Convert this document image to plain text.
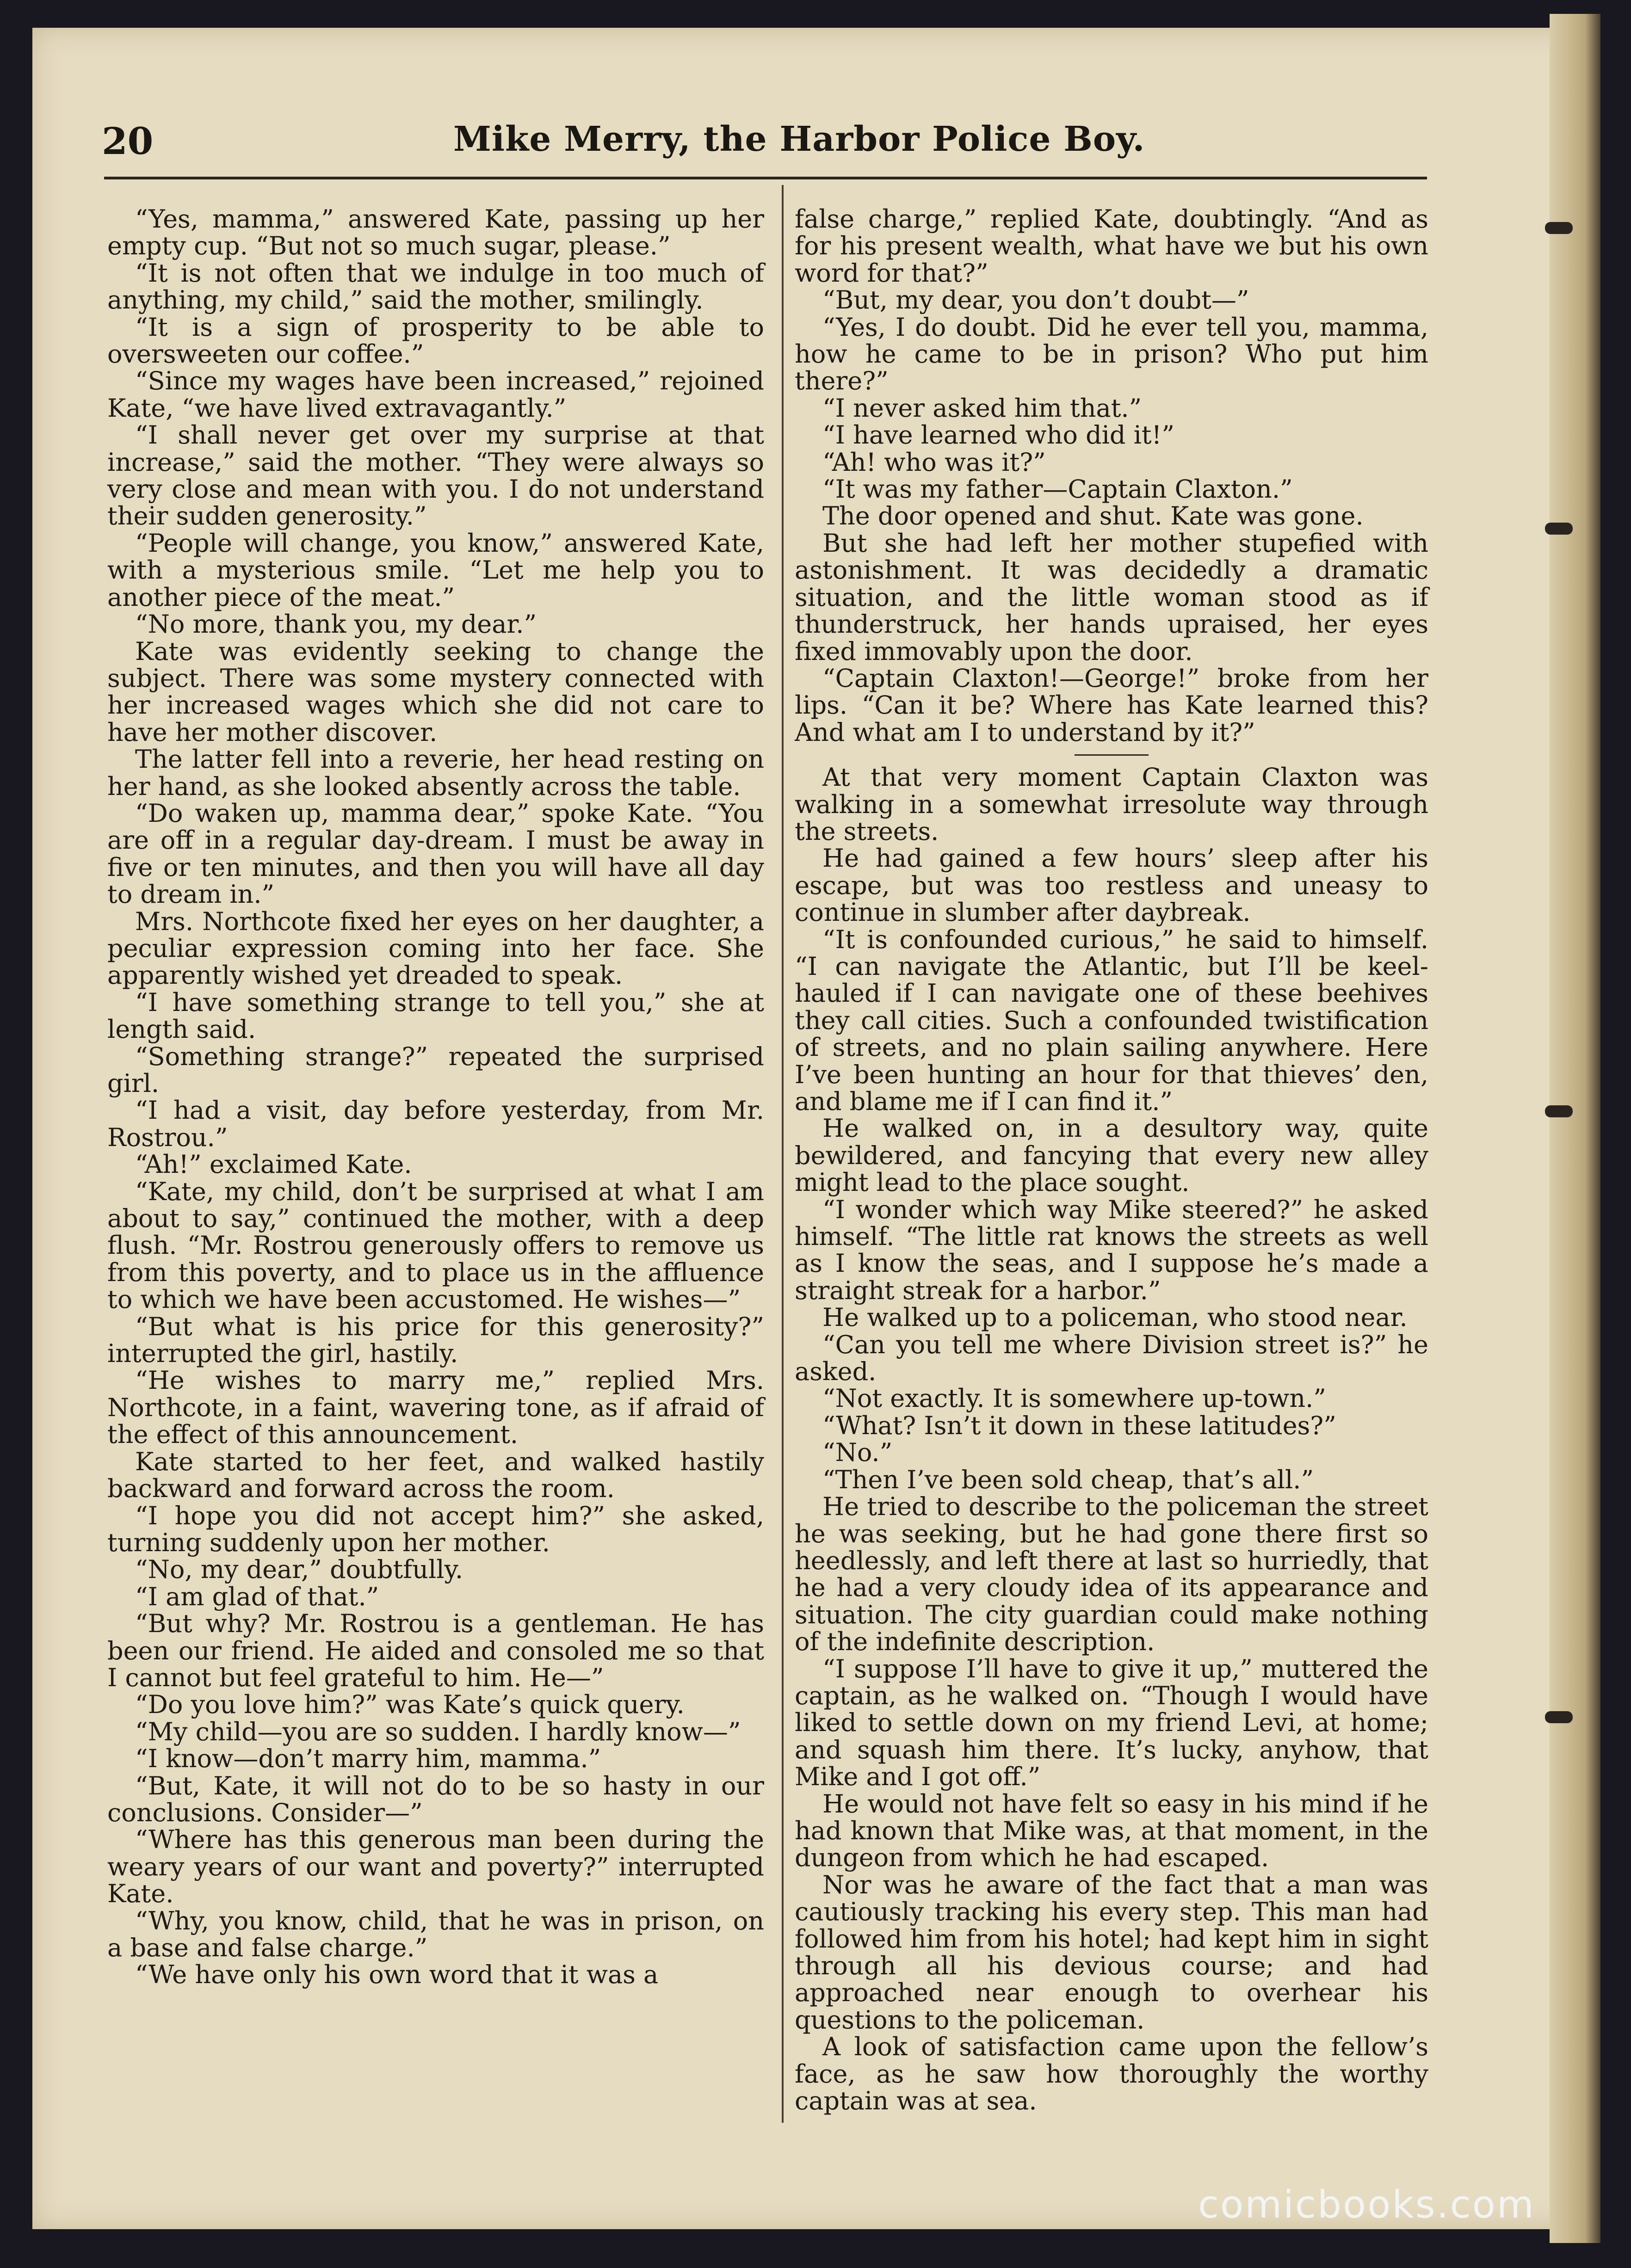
20	Mike Merry, the Harbor Police Boy.

“Yes, mamma,” answered Kate, passing up her empty cup. “But not so much sugar, please.”

“It is not often that we indulge in too much of anything, my child,” said the mother, smilingly.

“It is a sign of prosperity to be able to oversweeten our coffee.”

“Since my wages have been increased,” rejoined Kate, “we have lived extravagantly.”

“I shall never get over my surprise at that increase,” said the mother. “They were always so very close and mean with you. I do not understand their sudden generosity.”

“People will change, you know,” answered Kate, with a mysterious smile. “Let me help you to another piece of the meat.”

“No more, thank you, my dear.”

Kate was evidently seeking to change the subject. There was some mystery connected with her increased wages which she did not care to have her mother discover.

The latter fell into a reverie, her head resting on her hand, as she looked absently across the table.

“Do waken up, mamma dear,” spoke Kate. “You are off in a regular day-dream. I must be away in five or ten minutes, and then you will have all day to dream in.”

Mrs. Northcote fixed her eyes on her daughter, a peculiar expression coming into her face. She apparently wished yet dreaded to speak.

“I have something strange to tell you,” she at length said.

“Something strange?” repeated the surprised girl.

“I had a visit, day before yesterday, from Mr. Rostrou.”

“Ah!” exclaimed Kate.

“Kate, my child, don’t be surprised at what I am about to say,” continued the mother, with a deep flush. “Mr. Rostrou generously offers to remove us from this poverty, and to place us in the affluence to which we have been accustomed. He wishes—”

“But what is his price for this generosity?” interrupted the girl, hastily.

“He wishes to marry me,” replied Mrs. Northcote, in a faint, wavering tone, as if afraid of the effect of this announcement.

Kate started to her feet, and walked hastily backward and forward across the room.

“I hope you did not accept him?” she asked, turning suddenly upon her mother.

“No, my dear,” doubtfully.

“I am glad of that.”

“But why? Mr. Rostrou is a gentleman. He has been our friend. He aided and consoled me so that I cannot but feel grateful to him. He—”

“Do you love him?” was Kate’s quick query.

“My child—you are so sudden. I hardly know—”

“I know—don’t marry him, mamma.”

“But, Kate, it will not do to be so hasty in our conclusions. Consider—”

“Where has this generous man been during the weary years of our want and poverty?” interrupted Kate.

“Why, you know, child, that he was in prison, on a base and false charge.”

“We have only his own word that it was a

false charge,” replied Kate, doubtingly. “And as for his present wealth, what have we but his own word for that?”

“But, my dear, you don’t doubt—”

“Yes, I do doubt. Did he ever tell you, mamma, how he came to be in prison? Who put him there?”

“I never asked him that.”

“I have learned who did it!”

“Ah! who was it?”

“It was my father—Captain Claxton.”

The door opened and shut. Kate was gone.

But she had left her mother stupefied with astonishment. It was decidedly a dramatic situation, and the little woman stood as if thunderstruck, her hands upraised, her eyes fixed immovably upon the door.

“Captain Claxton!—George!” broke from her lips. “Can it be? Where has Kate learned this? And what am I to understand by it?”

At that very moment Captain Claxton was walking in a somewhat irresolute way through the streets.

He had gained a few hours’ sleep after his escape, but was too restless and uneasy to continue in slumber after daybreak.

“It is confounded curious,” he said to himself. “I can navigate the Atlantic, but I’ll be keel-hauled if I can navigate one of these beehives they call cities. Such a confounded twistification of streets, and no plain sailing anywhere. Here I’ve been hunting an hour for that thieves’ den, and blame me if I can find it.”

He walked on, in a desultory way, quite bewildered, and fancying that every new alley might lead to the place sought.

“I wonder which way Mike steered?” he asked himself. “The little rat knows the streets as well as I know the seas, and I suppose he’s made a straight streak for a harbor.”

He walked up to a policeman, who stood near.

“Can you tell me where Division street is?” he asked.

“Not exactly. It is somewhere up-town.”

“What? Isn’t it down in these latitudes?”

“No.”

“Then I’ve been sold cheap, that’s all.”

He tried to describe to the policeman the street he was seeking, but he had gone there first so heedlessly, and left there at last so hurriedly, that he had a very cloudy idea of its appearance and situation. The city guardian could make nothing of the indefinite description.

“I suppose I’ll have to give it up,” muttered the captain, as he walked on. “Though I would have liked to settle down on my friend Levi, at home; and squash him there. It’s lucky, anyhow, that Mike and I got off.”

He would not have felt so easy in his mind if he had known that Mike was, at that moment, in the dungeon from which he had escaped.

Nor was he aware of the fact that a man was cautiously tracking his every step. This man had followed him from his hotel; had kept him in sight through all his devious course; and had approached near enough to overhear his questions to the policeman.

A look of satisfaction came upon the fellow’s face, as he saw how thoroughly the worthy captain was at sea.

comicbooks.com
